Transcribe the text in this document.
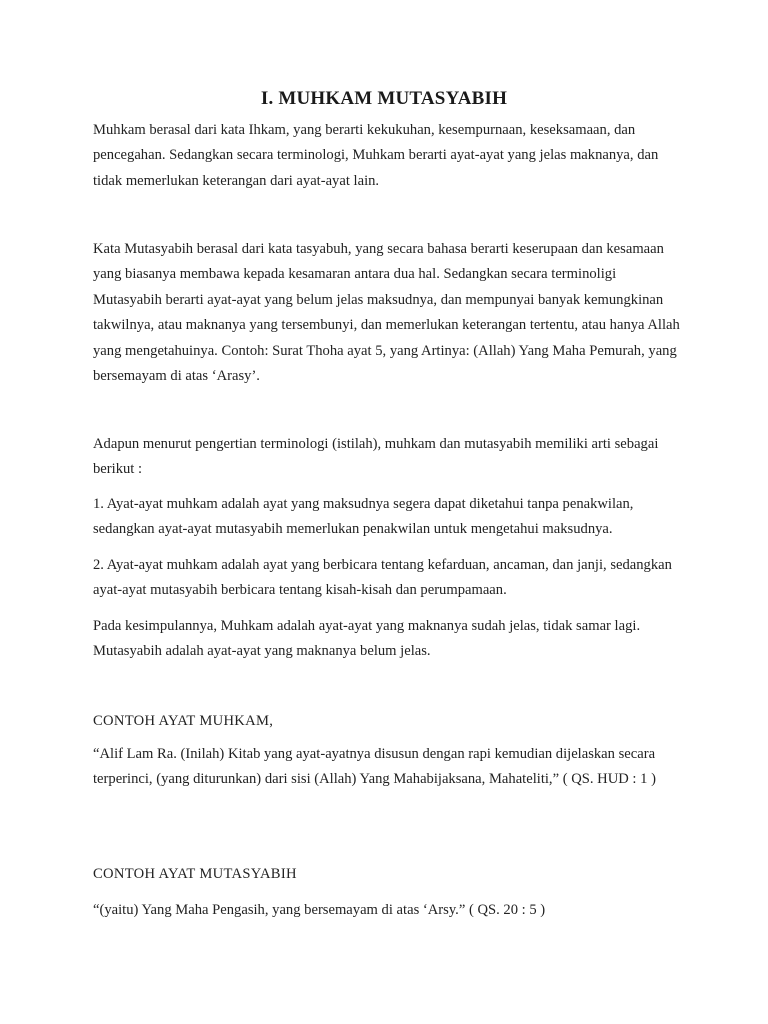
I. MUHKAM MUTASYABIH

Muhkam berasal dari kata Ihkam, yang berarti kekukuhan, kesempurnaan, keseksamaan, dan pencegahan. Sedangkan secara terminologi, Muhkam berarti ayat-ayat yang jelas maknanya, dan tidak memerlukan keterangan dari ayat-ayat lain.

Kata Mutasyabih berasal dari kata tasyabuh, yang secara bahasa berarti keserupaan dan kesamaan yang biasanya membawa kepada kesamaran antara dua hal. Sedangkan secara terminoligi Mutasyabih berarti ayat-ayat yang belum jelas maksudnya, dan mempunyai banyak kemungkinan takwilnya, atau maknanya yang tersembunyi, dan memerlukan keterangan tertentu, atau hanya Allah yang mengetahuinya. Contoh: Surat Thoha ayat 5, yang Artinya: (Allah) Yang Maha Pemurah, yang bersemayam di atas ‘Arasy’.

Adapun menurut pengertian terminologi (istilah), muhkam dan mutasyabih memiliki arti sebagai berikut :

1. Ayat-ayat muhkam adalah ayat yang maksudnya segera dapat diketahui tanpa penakwilan, sedangkan ayat-ayat mutasyabih memerlukan penakwilan untuk mengetahui maksudnya.

2. Ayat-ayat muhkam adalah ayat yang berbicara tentang kefarduan, ancaman, dan janji, sedangkan ayat-ayat mutasyabih berbicara tentang kisah-kisah dan perumpamaan.

Pada kesimpulannya, Muhkam adalah ayat-ayat yang maknanya sudah jelas, tidak samar lagi. Mutasyabih adalah ayat-ayat yang maknanya belum jelas.

CONTOH AYAT MUHKAM,

“Alif Lam Ra. (Inilah) Kitab yang ayat-ayatnya disusun dengan rapi kemudian dijelaskan secara terperinci, (yang diturunkan) dari sisi (Allah) Yang Mahabijaksana, Mahateliti,” ( QS. HUD : 1 )

CONTOH AYAT MUTASYABIH

“(yaitu) Yang Maha Pengasih, yang bersemayam di atas ‘Arsy.” ( QS. 20 : 5 )
